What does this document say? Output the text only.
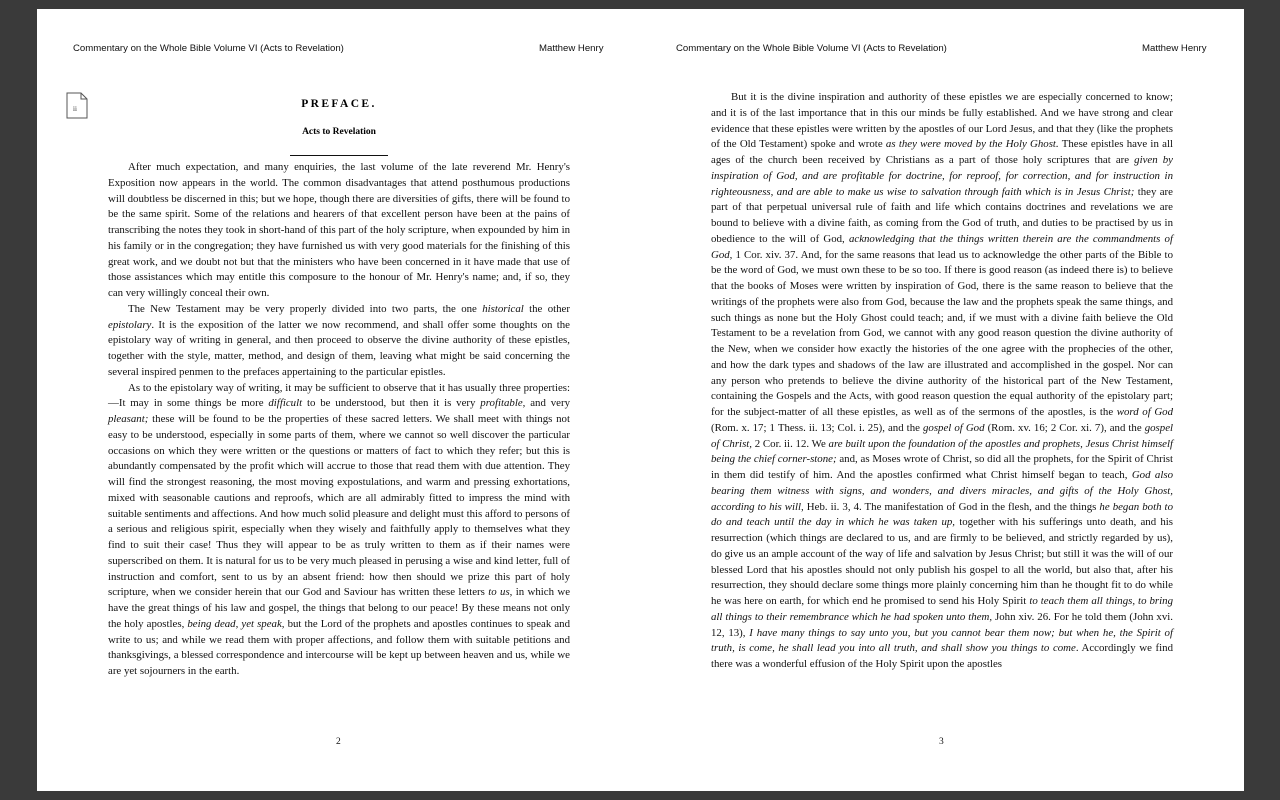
Commentary on the Whole Bible Volume VI (Acts to Revelation)	Matthew Henry
ii	PREFACE.
Acts to Revelation

After much expectation, and many enquiries, the last volume of the late reverend Mr. Henry's Exposition now appears in the world. The common disadvantages that attend posthumous productions will doubtless be discerned in this; but we hope, though there are diversities of gifts, there will be found to be the same spirit. Some of the relations and hearers of that excellent person have been at the pains of transcribing the notes they took in short-hand of this part of the holy scripture, when expounded by him in his family or in the congregation; they have furnished us with very good materials for the finishing of this great work, and we doubt not but that the ministers who have been concerned in it have made that use of those assistances which may entitle this composure to the honour of Mr. Henry's name; and, if so, they can very willingly conceal their own.

The New Testament may be very properly divided into two parts, the one historical the other epistolary. It is the exposition of the latter we now recommend, and shall offer some thoughts on the epistolary way of writing in general, and then proceed to observe the divine authority of these epistles, together with the style, matter, method, and design of them, leaving what might be said concerning the several inspired penmen to the prefaces appertaining to the particular epistles.

As to the epistolary way of writing, it may be sufficient to observe that it has usually three properties:—It may in some things be more difficult to be understood, but then it is very profitable, and very pleasant; these will be found to be the properties of these sacred letters. We shall meet with things not easy to be understood, especially in some parts of them, where we cannot so well discover the particular occasions on which they were written or the questions or matters of fact to which they refer; but this is abundantly compensated by the profit which will accrue to those that read them with due attention. They will find the strongest reasoning, the most moving expostulations, and warm and pressing exhortations, mixed with seasonable cautions and reproofs, which are all admirably fitted to impress the mind with suitable sentiments and affections. And how much solid pleasure and delight must this afford to persons of a serious and religious spirit, especially when they wisely and faithfully apply to themselves what they find to suit their case! Thus they will appear to be as truly written to them as if their names were superscribed on them. It is natural for us to be very much pleased in perusing a wise and kind letter, full of instruction and comfort, sent to us by an absent friend: how then should we prize this part of holy scripture, when we consider herein that our God and Saviour has written these letters to us, in which we have the great things of his law and gospel, the things that belong to our peace! By these means not only the holy apostles, being dead, yet speak, but the Lord of the prophets and apostles continues to speak and write to us; and while we read them with proper affections, and follow them with suitable petitions and thanksgivings, a blessed correspondence and intercourse will be kept up between heaven and us, while we are yet sojourners in the earth.

2
Commentary on the Whole Bible Volume VI (Acts to Revelation)	Matthew Henry

But it is the divine inspiration and authority of these epistles we are especially concerned to know; and it is of the last importance that in this our minds be fully established. And we have strong and clear evidence that these epistles were written by the apostles of our Lord Jesus, and that they (like the prophets of the Old Testament) spoke and wrote as they were moved by the Holy Ghost. These epistles have in all ages of the church been received by Christians as a part of those holy scriptures that are given by inspiration of God, and are profitable for doctrine, for reproof, for correction, and for instruction in righteousness, and are able to make us wise to salvation through faith which is in Jesus Christ; they are part of that perpetual universal rule of faith and life which contains doctrines and revelations we are bound to believe with a divine faith, as coming from the God of truth, and duties to be practised by us in obedience to the will of God, acknowledging that the things written therein are the commandments of God, 1 Cor. xiv. 37. And, for the same reasons that lead us to acknowledge the other parts of the Bible to be the word of God, we must own these to be so too. If there is good reason (as indeed there is) to believe that the books of Moses were written by inspiration of God, there is the same reason to believe that the writings of the prophets were also from God, because the law and the prophets speak the same things, and such things as none but the Holy Ghost could teach; and, if we must with a divine faith believe the Old Testament to be a revelation from God, we cannot with any good reason question the divine authority of the New, when we consider how exactly the histories of the one agree with the prophecies of the other, and how the dark types and shadows of the law are illustrated and accomplished in the gospel. Nor can any person who pretends to believe the divine authority of the historical part of the New Testament, containing the Gospels and the Acts, with good reason question the equal authority of the epistolary part; for the subject-matter of all these epistles, as well as of the sermons of the apostles, is the word of God (Rom. x. 17; 1 Thess. ii. 13; Col. i. 25), and the gospel of God (Rom. xv. 16; 2 Cor. xi. 7), and the gospel of Christ, 2 Cor. ii. 12. We are built upon the foundation of the apostles and prophets, Jesus Christ himself being the chief corner-stone; and, as Moses wrote of Christ, so did all the prophets, for the Spirit of Christ in them did testify of him. And the apostles confirmed what Christ himself began to teach, God also bearing them witness with signs, and wonders, and divers miracles, and gifts of the Holy Ghost, according to his will, Heb. ii. 3, 4. The manifestation of God in the flesh, and the things he began both to do and teach until the day in which he was taken up, together with his sufferings unto death, and his resurrection (which things are declared to us, and are firmly to be believed, and strictly regarded by us), do give us an ample account of the way of life and salvation by Jesus Christ; but still it was the will of our blessed Lord that his apostles should not only publish his gospel to all the world, but also that, after his resurrection, they should declare some things more plainly concerning him than he thought fit to do while he was here on earth, for which end he promised to send his Holy Spirit to teach them all things, to bring all things to their remembrance which he had spoken unto them, John xiv. 26. For he told them (John xvi. 12, 13), I have many things to say unto you, but you cannot bear them now; but when he, the Spirit of truth, is come, he shall lead you into all truth, and shall show you things to come. Accordingly we find there was a wonderful effusion of the Holy Spirit upon the apostles

3
